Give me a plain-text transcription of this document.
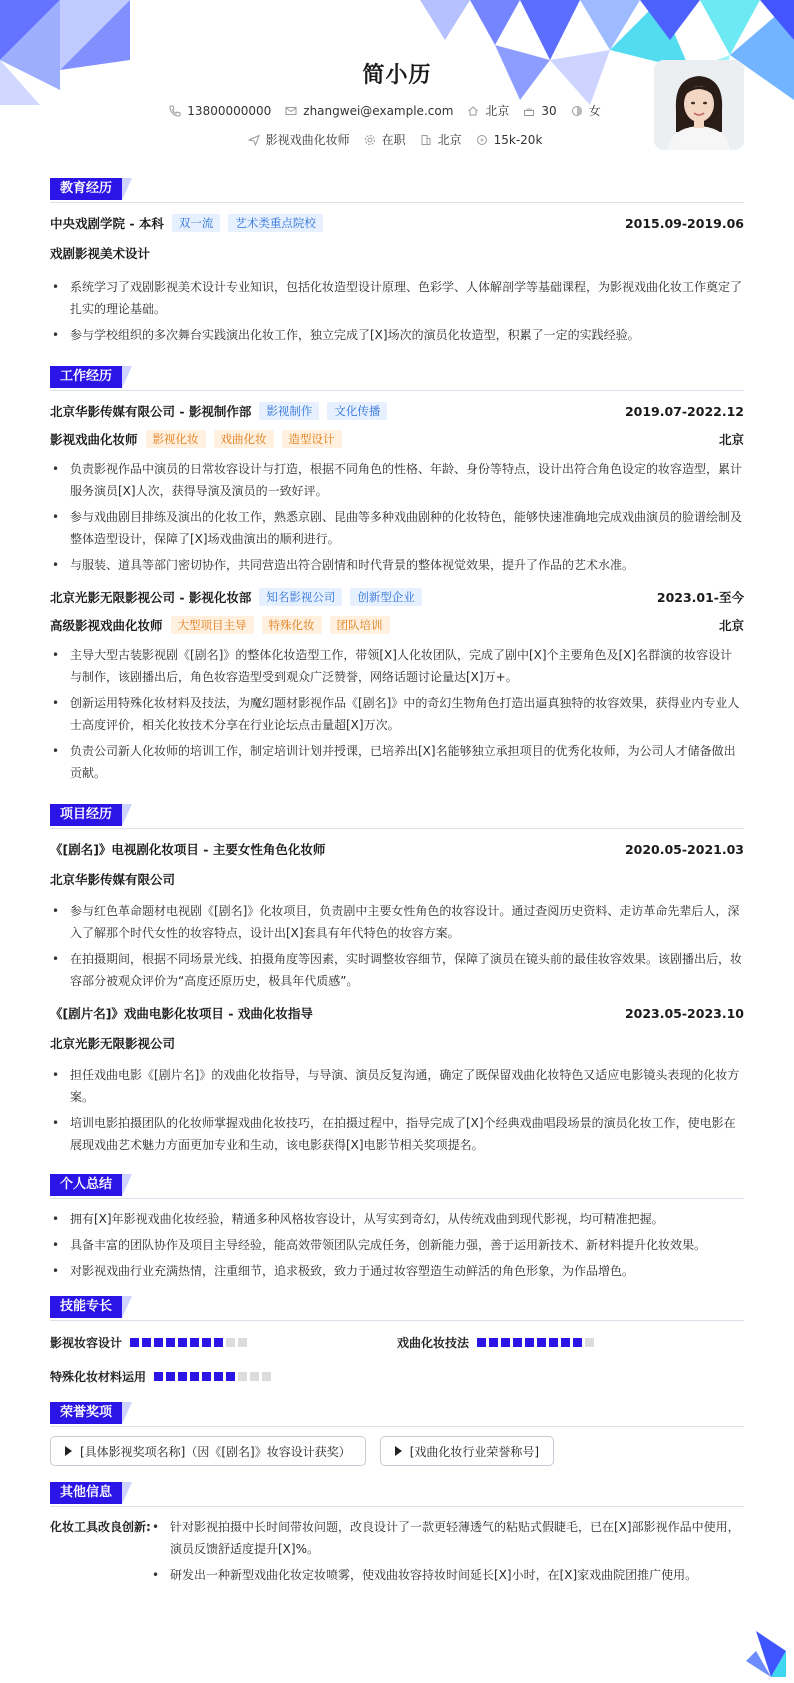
简小历
13800000000	zhangwei@example.com	北京	30	女
影视戏曲化妆师	在职	北京	15k-20k
教育经历
中央戏剧学院 - 本科	双一流	艺术类重点院校	2015.09-2019.06
戏剧影视美术设计
• 系统学习了戏剧影视美术设计专业知识，包括化妆造型设计原理、色彩学、人体解剖学等基础课程，为影视戏曲化妆工作奠定了扎实的理论基础。
• 参与学校组织的多次舞台实践演出化妆工作，独立完成了[X]场次的演员化妆造型，积累了一定的实践经验。
工作经历
北京华影传媒有限公司 - 影视制作部	影视制作	文化传播	2019.07-2022.12
影视戏曲化妆师	影视化妆	戏曲化妆	造型设计	北京
• 负责影视作品中演员的日常妆容设计与打造，根据不同角色的性格、年龄、身份等特点，设计出符合角色设定的妆容造型，累计服务演员[X]人次，获得导演及演员的一致好评。
• 参与戏曲剧目排练及演出的化妆工作，熟悉京剧、昆曲等多种戏曲剧种的化妆特色，能够快速准确地完成戏曲演员的脸谱绘制及整体造型设计，保障了[X]场戏曲演出的顺利进行。
• 与服装、道具等部门密切协作，共同营造出符合剧情和时代背景的整体视觉效果，提升了作品的艺术水准。
北京光影无限影视公司 - 影视化妆部	知名影视公司	创新型企业	2023.01-至今
高级影视戏曲化妆师	大型项目主导	特殊化妆	团队培训	北京
• 主导大型古装影视剧《[剧名]》的整体化妆造型工作，带领[X]人化妆团队，完成了剧中[X]个主要角色及[X]名群演的妆容设计与制作，该剧播出后，角色妆容造型受到观众广泛赞誉，网络话题讨论量达[X]万+。
• 创新运用特殊化妆材料及技法，为魔幻题材影视作品《[剧名]》中的奇幻生物角色打造出逼真独特的妆容效果，获得业内专业人士高度评价，相关化妆技术分享在行业论坛点击量超[X]万次。
• 负责公司新人化妆师的培训工作，制定培训计划并授课，已培养出[X]名能够独立承担项目的优秀化妆师，为公司人才储备做出贡献。
项目经历
《[剧名]》电视剧化妆项目 - 主要女性角色化妆师	2020.05-2021.03
北京华影传媒有限公司
• 参与红色革命题材电视剧《[剧名]》化妆项目，负责剧中主要女性角色的妆容设计。通过查阅历史资料、走访革命先辈后人，深入了解那个时代女性的妆容特点，设计出[X]套具有年代特色的妆容方案。
• 在拍摄期间，根据不同场景光线、拍摄角度等因素，实时调整妆容细节，保障了演员在镜头前的最佳妆容效果。该剧播出后，妆容部分被观众评价为“高度还原历史，极具年代质感”。
《[剧片名]》戏曲电影化妆项目 - 戏曲化妆指导	2023.05-2023.10
北京光影无限影视公司
• 担任戏曲电影《[剧片名]》的戏曲化妆指导，与导演、演员反复沟通，确定了既保留戏曲化妆特色又适应电影镜头表现的化妆方案。
• 培训电影拍摄团队的化妆师掌握戏曲化妆技巧，在拍摄过程中，指导完成了[X]个经典戏曲唱段场景的演员化妆工作，使电影在展现戏曲艺术魅力方面更加专业和生动，该电影获得[X]电影节相关奖项提名。
个人总结
• 拥有[X]年影视戏曲化妆经验，精通多种风格妆容设计，从写实到奇幻，从传统戏曲到现代影视，均可精准把握。
• 具备丰富的团队协作及项目主导经验，能高效带领团队完成任务，创新能力强，善于运用新技术、新材料提升化妆效果。
• 对影视戏曲行业充满热情，注重细节，追求极致，致力于通过妆容塑造生动鲜活的角色形象，为作品增色。
技能专长
影视妆容设计	戏曲化妆技法
特殊化妆材料运用
荣誉奖项
[具体影视奖项名称]（因《[剧名]》妆容设计获奖）	[戏曲化妆行业荣誉称号]
其他信息
化妆工具改良创新:
•	针对影视拍摄中长时间带妆问题，改良设计了一款更轻薄透气的粘贴式假睫毛，已在[X]部影视作品中使用，演员反馈舒适度提升[X]%。
• 研发出一种新型戏曲化妆定妆喷雾，使戏曲妆容持妆时间延长[X]小时，在[X]家戏曲院团推广使用。
